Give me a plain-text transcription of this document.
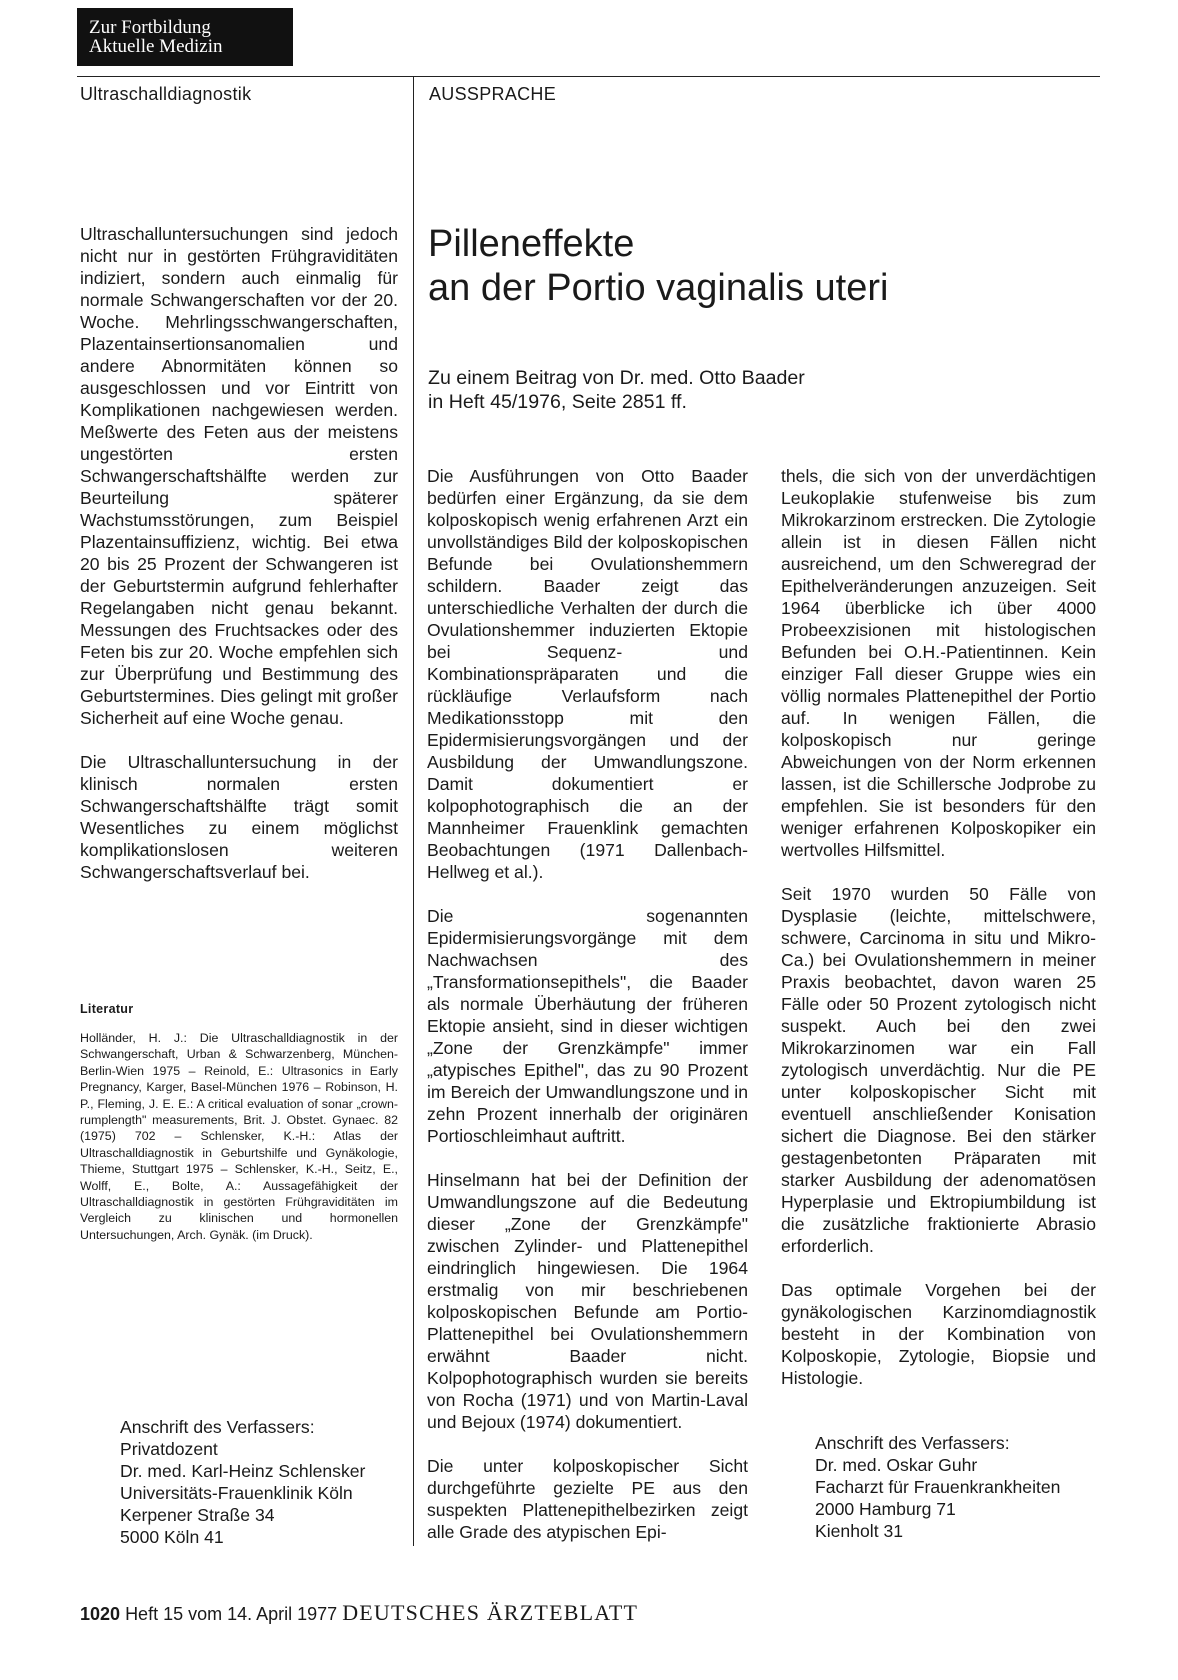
Zur Fortbildung
Aktuelle Medizin
Ultraschalldiagnostik	AUSSPRACHE

Ultraschalluntersuchungen sind jedoch nicht nur in gestörten Frühgraviditäten indiziert, sondern auch einmalig für normale Schwangerschaften vor der 20. Woche. Mehrlingsschwangerschaften, Plazentainsertionsanomalien und andere Abnormitäten können so ausgeschlossen und vor Eintritt von Komplikationen nachgewiesen werden. Meßwerte des Feten aus der meistens ungestörten ersten Schwangerschaftshälfte werden zur Beurteilung späterer Wachstumsstörungen, zum Beispiel Plazentainsuffizienz, wichtig. Bei etwa 20 bis 25 Prozent der Schwangeren ist der Geburtstermin aufgrund fehlerhafter Regelangaben nicht genau bekannt. Messungen des Fruchtsackes oder des Feten bis zur 20. Woche empfehlen sich zur Überprüfung und Bestimmung des Geburtstermines. Dies gelingt mit großer Sicherheit auf eine Woche genau.

Die Ultraschalluntersuchung in der klinisch normalen ersten Schwangerschaftshälfte trägt somit Wesentliches zu einem möglichst komplikationslosen weiteren Schwangerschaftsverlauf bei.

Literatur
Holländer, H. J.: Die Ultraschalldiagnostik in der Schwangerschaft, Urban & Schwarzenberg, München-Berlin-Wien 1975 – Reinold, E.: Ultrasonics in Early Pregnancy, Karger, Basel-München 1976 – Robinson, H. P., Fleming, J. E. E.: A critical evaluation of sonar „crown-rumplength" measurements, Brit. J. Obstet. Gynaec. 82 (1975) 702 – Schlensker, K.-H.: Atlas der Ultraschalldiagnostik in Geburtshilfe und Gynäkologie, Thieme, Stuttgart 1975 – Schlensker, K.-H., Seitz, E., Wolff, E., Bolte, A.: Aussagefähigkeit der Ultraschalldiagnostik in gestörten Frühgraviditäten im Vergleich zu klinischen und hormonellen Untersuchungen, Arch. Gynäk. (im Druck).
Anschrift des Verfassers:
Privatdozent
Dr. med. Karl-Heinz Schlensker
Universitäts-Frauenklinik Köln
Kerpener Straße 34
5000 Köln 41
Pilleneffekte
an der Portio vaginalis uteri
Zu einem Beitrag von Dr. med. Otto Baader
in Heft 45/1976, Seite 2851 ff.

Die Ausführungen von Otto Baader bedürfen einer Ergänzung, da sie dem kolposkopisch wenig erfahrenen Arzt ein unvollständiges Bild der kolposkopischen Befunde bei Ovulationshemmern schildern. Baader zeigt das unterschiedliche Verhalten der durch die Ovulationshemmer induzierten Ektopie bei Sequenz- und Kombinationspräparaten und die rückläufige Verlaufsform nach Medikationsstopp mit den Epidermisierungsvorgängen und der Ausbildung der Umwandlungszone. Damit dokumentiert er kolpophotographisch die an der Mannheimer Frauenklink gemachten Beobachtungen (1971 Dallenbach-Hellweg et al.).

Die sogenannten Epidermisierungsvorgänge mit dem Nachwachsen des „Transformationsepithels", die Baader als normale Überhäutung der früheren Ektopie ansieht, sind in dieser wichtigen „Zone der Grenzkämpfe" immer „atypisches Epithel", das zu 90 Prozent im Bereich der Umwandlungszone und in zehn Prozent innerhalb der originären Portioschleimhaut auftritt.

Hinselmann hat bei der Definition der Umwandlungszone auf die Bedeutung dieser „Zone der Grenzkämpfe" zwischen Zylinder- und Plattenepithel eindringlich hingewiesen. Die 1964 erstmalig von mir beschriebenen kolposkopischen Befunde am Portio-Plattenepithel bei Ovulationshemmern erwähnt Baader nicht. Kolpophotographisch wurden sie bereits von Rocha (1971) und von Martin-Laval und Bejoux (1974) dokumentiert.

Die unter kolposkopischer Sicht durchgeführte gezielte PE aus den suspekten Plattenepithelbezirken zeigt alle Grade des atypischen Epi-

thels, die sich von der unverdächtigen Leukoplakie stufenweise bis zum Mikrokarzinom erstrecken. Die Zytologie allein ist in diesen Fällen nicht ausreichend, um den Schweregrad der Epithelveränderungen anzuzeigen. Seit 1964 überblicke ich über 4000 Probeexzisionen mit histologischen Befunden bei O.H.-Patientinnen. Kein einziger Fall dieser Gruppe wies ein völlig normales Plattenepithel der Portio auf. In wenigen Fällen, die kolposkopisch nur geringe Abweichungen von der Norm erkennen lassen, ist die Schillersche Jodprobe zu empfehlen. Sie ist besonders für den weniger erfahrenen Kolposkopiker ein wertvolles Hilfsmittel.

Seit 1970 wurden 50 Fälle von Dysplasie (leichte, mittelschwere, schwere, Carcinoma in situ und Mikro-Ca.) bei Ovulationshemmern in meiner Praxis beobachtet, davon waren 25 Fälle oder 50 Prozent zytologisch nicht suspekt. Auch bei den zwei Mikrokarzinomen war ein Fall zytologisch unverdächtig. Nur die PE unter kolposkopischer Sicht mit eventuell anschließender Konisation sichert die Diagnose. Bei den stärker gestagenbetonten Präparaten mit starker Ausbildung der adenomatösen Hyperplasie und Ektropiumbildung ist die zusätzliche fraktionierte Abrasio erforderlich.

Das optimale Vorgehen bei der gynäkologischen Karzinomdiagnostik besteht in der Kombination von Kolposkopie, Zytologie, Biopsie und Histologie.

Anschrift des Verfassers:
Dr. med. Oskar Guhr
Facharzt für Frauenkrankheiten
2000 Hamburg 71
Kienholt 31
1020 Heft 15 vom 14. April 1977 DEUTSCHES ÄRZTEBLATT
